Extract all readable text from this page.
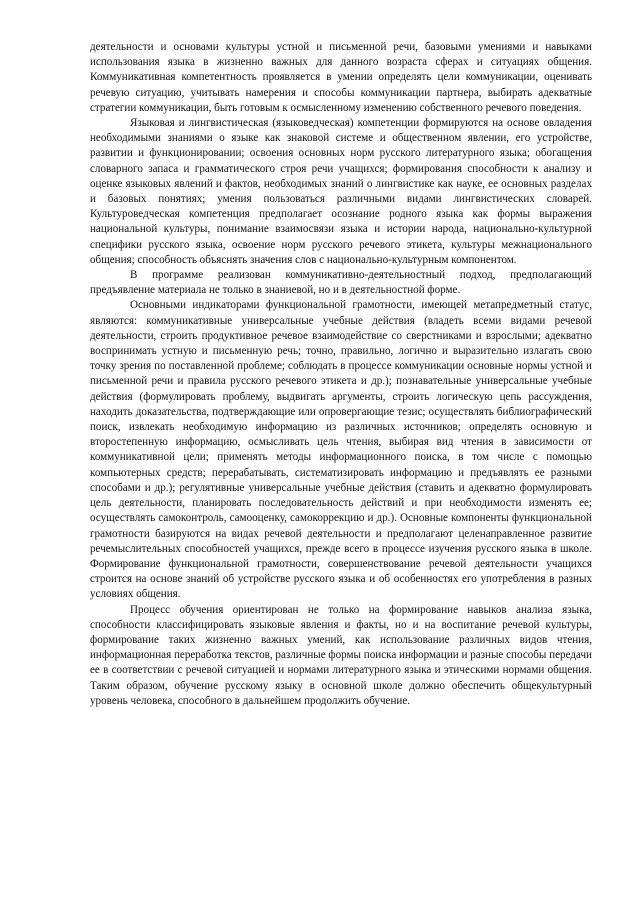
деятельности и основами культуры устной и письменной речи, базовыми умениями и навыками использования языка в жизненно важных для данного возраста сферах и ситуациях общения. Коммуникативная компетентность проявляется в умении определять цели коммуникации, оценивать речевую ситуацию, учитывать намерения и способы коммуникации партнера, выбирать адекватные стратегии коммуникации, быть готовым к осмысленному изменению собственного речевого поведения.

Языковая и лингвистическая (языковедческая) компетенции формируются на основе овладения необходимыми знаниями о языке как знаковой системе и общественном явлении, его устройстве, развитии и функционировании; освоения основных норм русского литературного языка; обогащения словарного запаса и грамматического строя речи учащихся; формирования способности к анализу и оценке языковых явлений и фактов, необходимых знаний о лингвистике как науке, ее основных разделах и базовых понятиях; умения пользоваться различными видами лингвистических словарей. Культуроведческая компетенция предполагает осознание родного языка как формы выражения национальной культуры, понимание взаимосвязи языка и истории народа, национально-культурной специфики русского языка, освоение норм русского речевого этикета, культуры межнационального общения; способность объяснять значения слов с национально-культурным компонентом.

В программе реализован коммуникативно-деятельностный подход, предполагающий предъявление материала не только в знаниевой, но и в деятельностной форме.

Основными индикаторами функциональной грамотности, имеющей метапредметный статус, являются: коммуникативные универсальные учебные действия (владеть всеми видами речевой деятельности, строить продуктивное речевое взаимодействие со сверстниками и взрослыми; адекватно воспринимать устную и письменную речь; точно, правильно, логично и выразительно излагать свою точку зрения по поставленной проблеме; соблюдать в процессе коммуникации основные нормы устной и письменной речи и правила русского речевого этикета и др.); познавательные универсальные учебные действия (формулировать проблему, выдвигать аргументы, строить логическую цепь рассуждения, находить доказательства, подтверждающие или опровергающие тезис; осуществлять библиографический поиск, извлекать необходимую информацию из различных источников; определять основную и второстепенную информацию, осмысливать цель чтения, выбирая вид чтения в зависимости от коммуникативной цели; применять методы информационного поиска, в том числе с помощью компьютерных средств; перерабатывать, систематизировать информацию и предъявлять ее разными способами и др.); регулятивные универсальные учебные действия (ставить и адекватно формулировать цель деятельности, планировать последовательность действий и при необходимости изменять ее; осуществлять самоконтроль, самооценку, самокоррекцию и др.). Основные компоненты функциональной грамотности базируются на видах речевой деятельности и предполагают целенаправленное развитие речемыслительных способностей учащихся, прежде всего в процессе изучения русского языка в школе. Формирование функциональной грамотности, совершенствование речевой деятельности учащихся строится на основе знаний об устройстве русского языка и об особенностях его употребления в разных условиях общения.

Процесс обучения ориентирован не только на формирование навыков анализа языка, способности классифицировать языковые явления и факты, но и на воспитание речевой культуры, формирование таких жизненно важных умений, как использование различных видов чтения, информационная переработка текстов, различные формы поиска информации и разные способы передачи ее в соответствии с речевой ситуацией и нормами литературного языка и этическими нормами общения. Таким образом, обучение русскому языку в основной школе должно обеспечить общекультурный уровень человека, способного в дальнейшем продолжить обучение.
